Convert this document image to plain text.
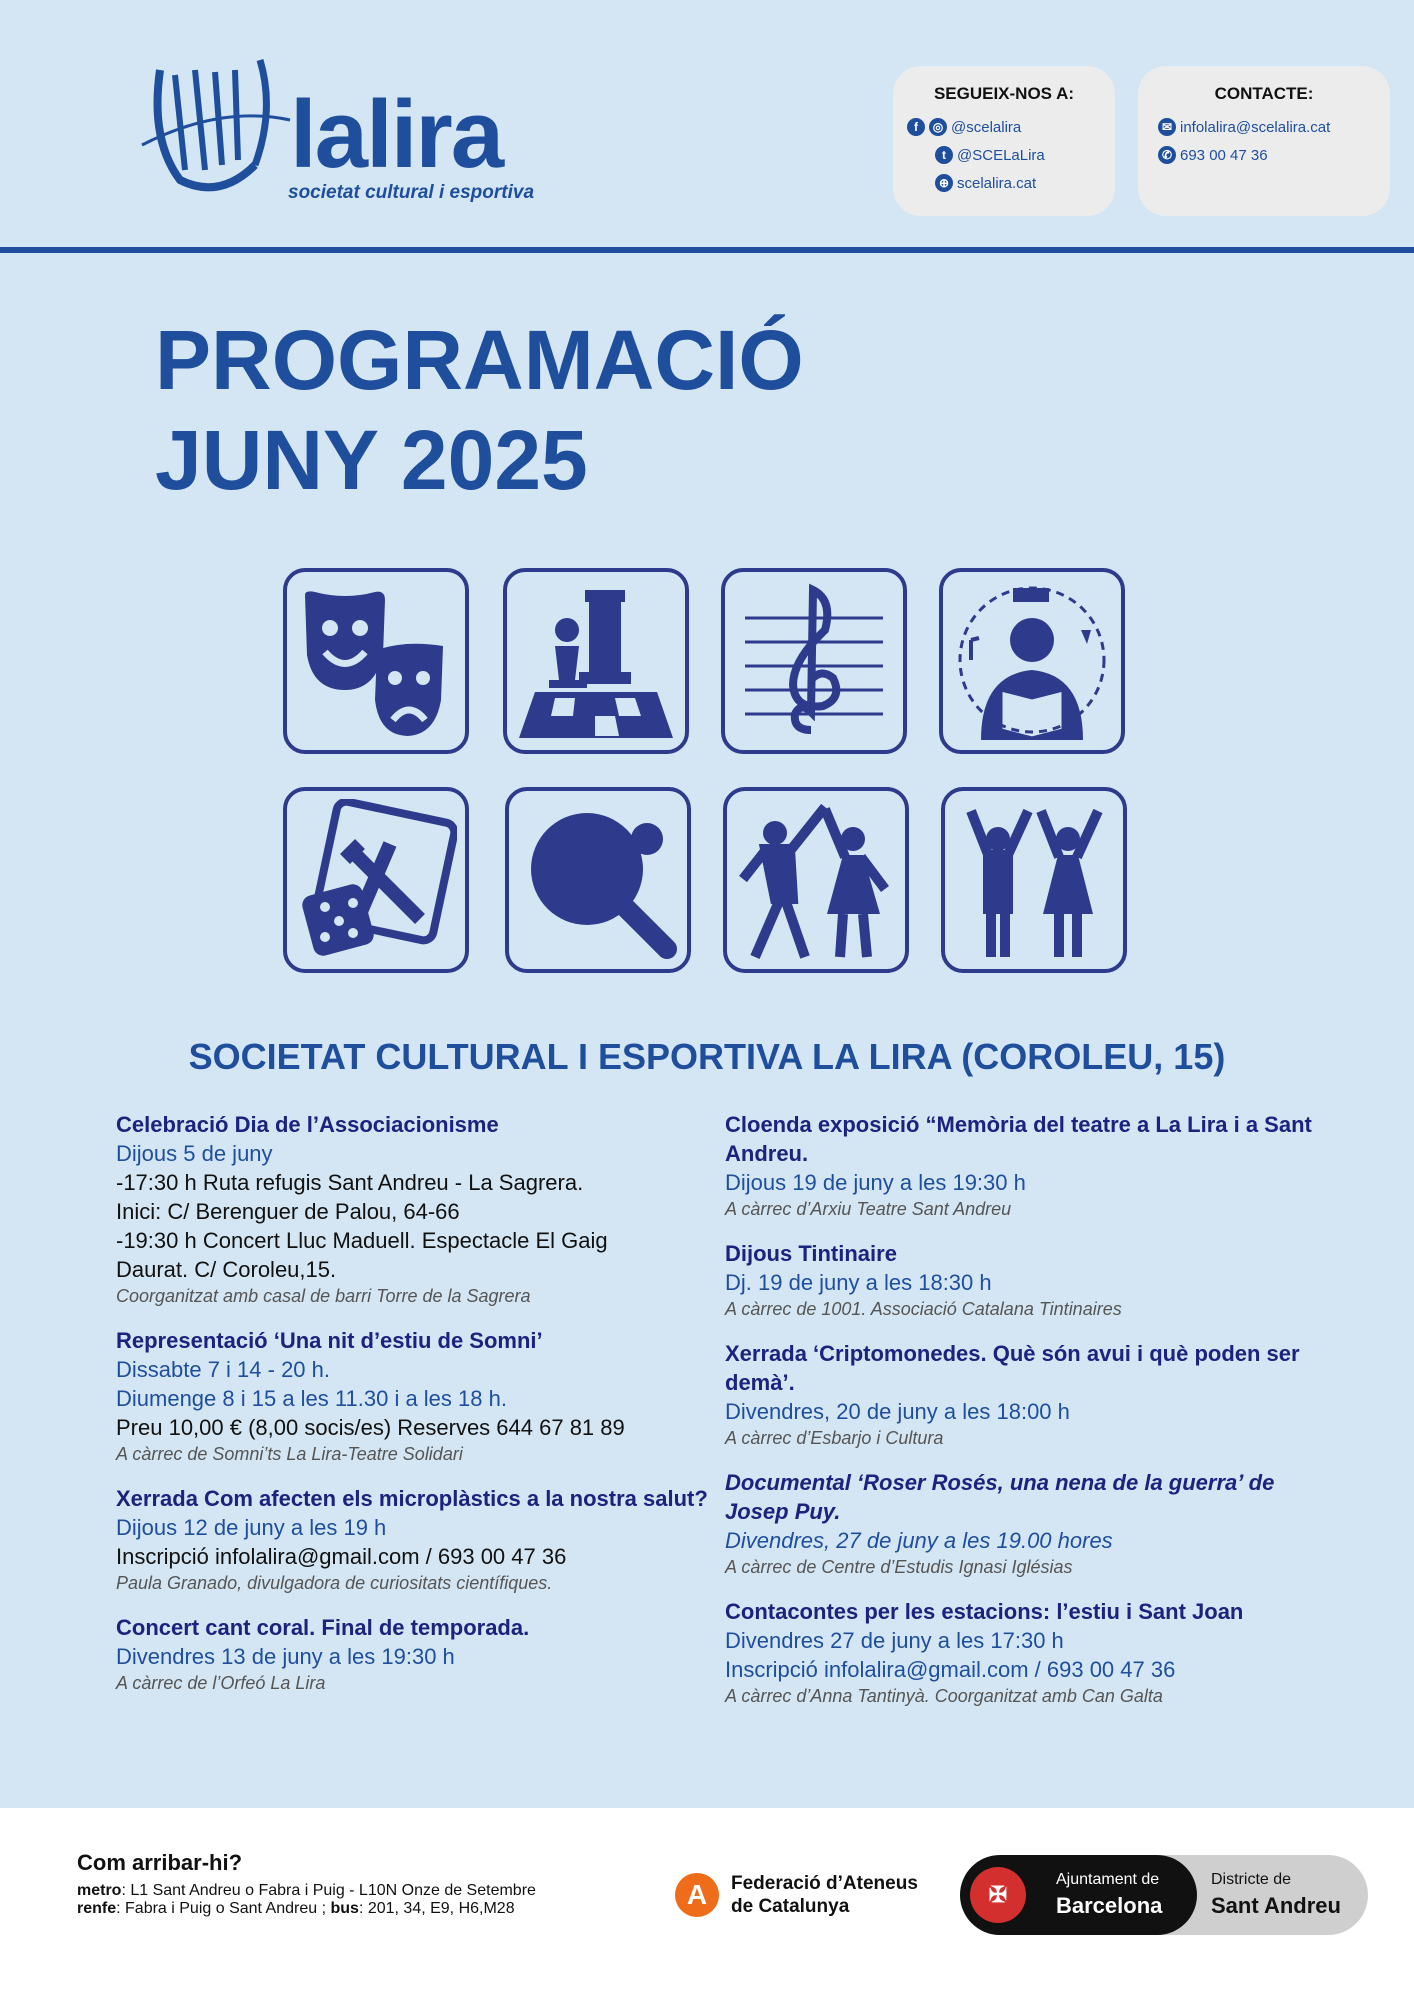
lalira
societat cultural i esportiva
SEGUEIX-NOS A:
f	◎ @scelalira
t @SCELaLira
⊕ scelalira.cat
CONTACTE:
✉ infolalira@scelalira.cat
✆ 693 00 47 36
PROGRAMACIÓ
JUNY 2025
SOCIETAT CULTURAL I ESPORTIVA LA LIRA (COROLEU, 15)
Celebració Dia de l’Associacionisme
Dijous 5 de juny
-17:30 h Ruta refugis Sant Andreu - La Sagrera.
Inici: C/ Berenguer de Palou, 64-66
-19:30 h Concert Lluc Maduell. Espectacle El Gaig
Daurat. C/ Coroleu,15.
Coorganitzat amb casal de barri Torre de la Sagrera
Representació ‘Una nit d’estiu de Somni’
Dissabte 7 i 14 - 20 h.
Diumenge 8 i 15 a les 11.30 i a les 18 h.
Preu 10,00 € (8,00 socis/es) Reserves 644 67 81 89
A càrrec de Somni’ts La Lira-Teatre Solidari
Xerrada Com afecten els microplàstics a la nostra salut?
Dijous 12 de juny a les 19 h
Inscripció infolalira@gmail.com / 693 00 47 36
Paula Granado, divulgadora de curiositats científiques.
Concert cant coral. Final de temporada.
Divendres 13 de juny a les 19:30 h
A càrrec de l’Orfeó La Lira
Cloenda exposició “Memòria del teatre a La Lira i a Sant Andreu.
Dijous 19 de juny a les 19:30 h
A càrrec d’Arxiu Teatre Sant Andreu
Dijous Tintinaire
Dj. 19 de juny a les 18:30 h
A càrrec de 1001. Associació Catalana Tintinaires
Xerrada ‘Criptomonedes. Què són avui i què poden ser demà’.
Divendres, 20 de juny a les 18:00 h
A càrrec d’Esbarjo i Cultura
Documental ‘Roser Rosés, una nena de la guerra’ de Josep Puy.
Divendres, 27 de juny a les 19.00 hores
A càrrec de Centre d’Estudis Ignasi Iglésias
Contacontes per les estacions: l’estiu i Sant Joan
Divendres 27 de juny a les 17:30 h
Inscripció infolalira@gmail.com / 693 00 47 36
A càrrec d’Anna Tantinyà. Coorganitzat amb Can Galta
Com arribar-hi?
metro: L1 Sant Andreu o Fabra i Puig - L10N Onze de Setembre
renfe: Fabra i Puig o Sant Andreu ; bus: 201, 34, E9, H6,M28	A	Federació d’Ateneus
de Catalunya	✠
Ajuntament de
Barcelona
Districte de
Sant Andreu
